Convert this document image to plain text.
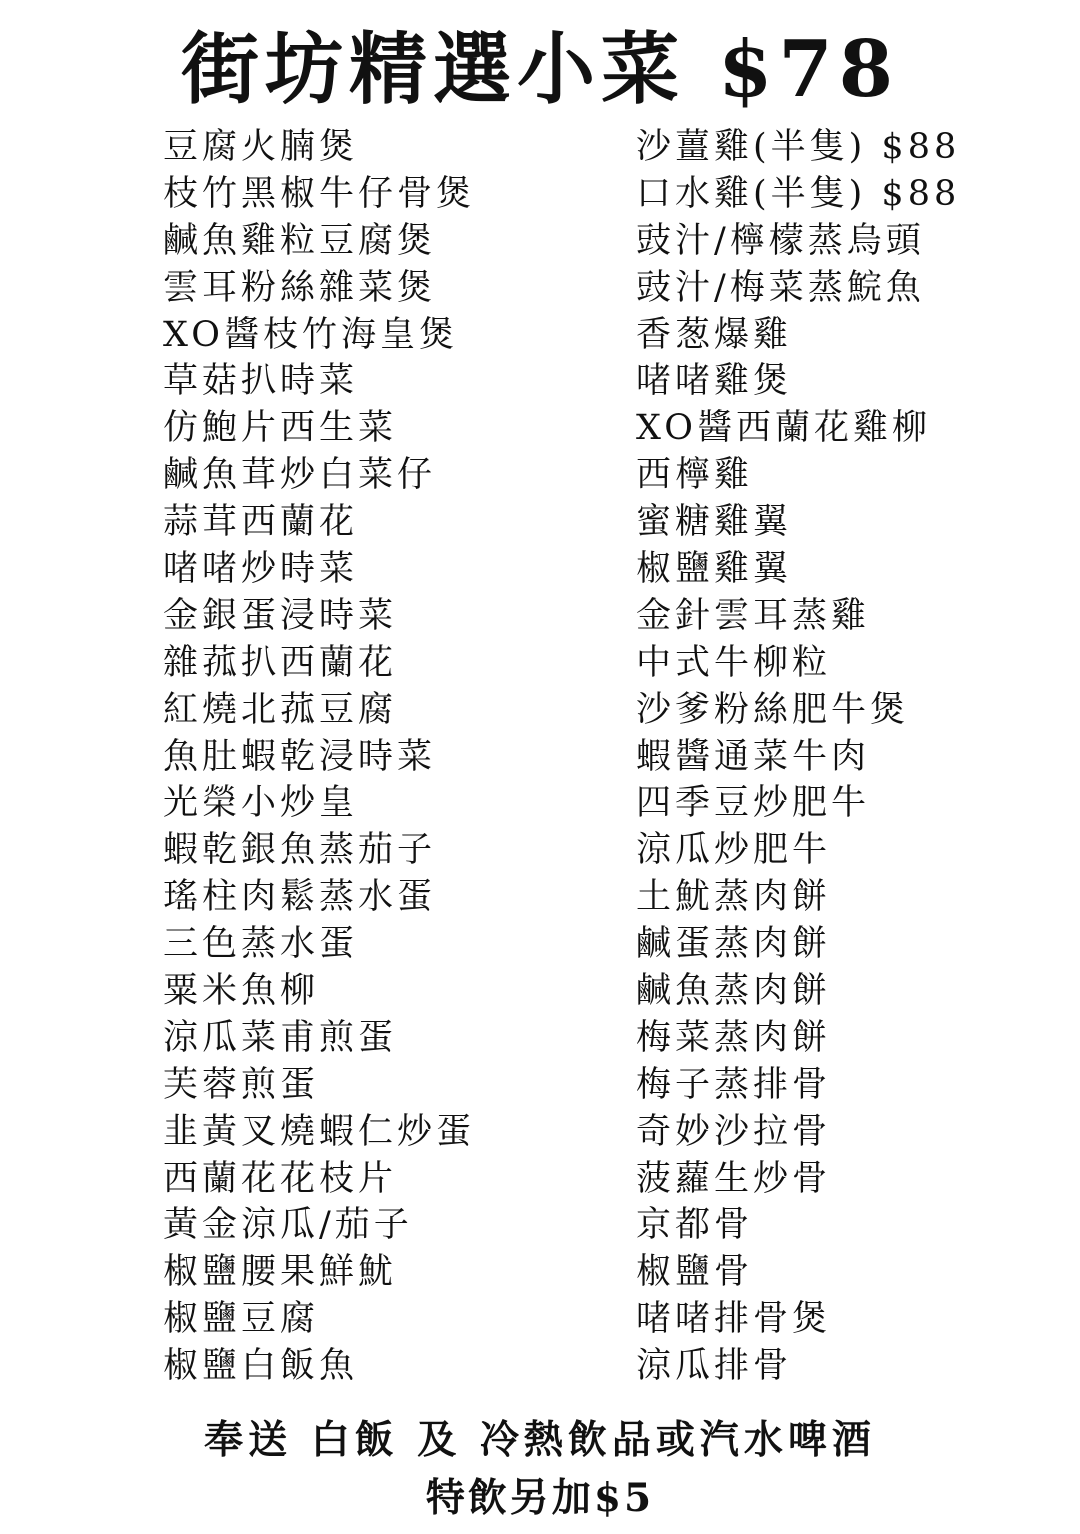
街坊精選小菜 $78
豆腐火腩煲
枝竹黑椒牛仔骨煲
鹹魚雞粒豆腐煲
雲耳粉絲雜菜煲
XO醬枝竹海皇煲
草菇扒時菜
仿鮑片西生菜
鹹魚茸炒白菜仔
蒜茸西蘭花
啫啫炒時菜
金銀蛋浸時菜
雜菰扒西蘭花
紅燒北菰豆腐
魚肚蝦乾浸時菜
光榮小炒皇
蝦乾銀魚蒸茄子
瑤柱肉鬆蒸水蛋
三色蒸水蛋
粟米魚柳
涼瓜菜甫煎蛋
芙蓉煎蛋
韭黃叉燒蝦仁炒蛋
西蘭花花枝片
黃金涼瓜/茄子
椒鹽腰果鮮魷
椒鹽豆腐
椒鹽白飯魚
沙薑雞(半隻) $88
口水雞(半隻) $88
豉汁/檸檬蒸烏頭
豉汁/梅菜蒸鯇魚
香葱爆雞
啫啫雞煲
XO醬西蘭花雞柳
西檸雞
蜜糖雞翼
椒鹽雞翼
金針雲耳蒸雞
中式牛柳粒
沙爹粉絲肥牛煲
蝦醬通菜牛肉
四季豆炒肥牛
涼瓜炒肥牛
土魷蒸肉餅
鹹蛋蒸肉餅
鹹魚蒸肉餅
梅菜蒸肉餅
梅子蒸排骨
奇妙沙拉骨
菠蘿生炒骨
京都骨
椒鹽骨
啫啫排骨煲
涼瓜排骨
奉送 白飯 及 冷熱飲品或汽水啤酒
特飲另加$5
